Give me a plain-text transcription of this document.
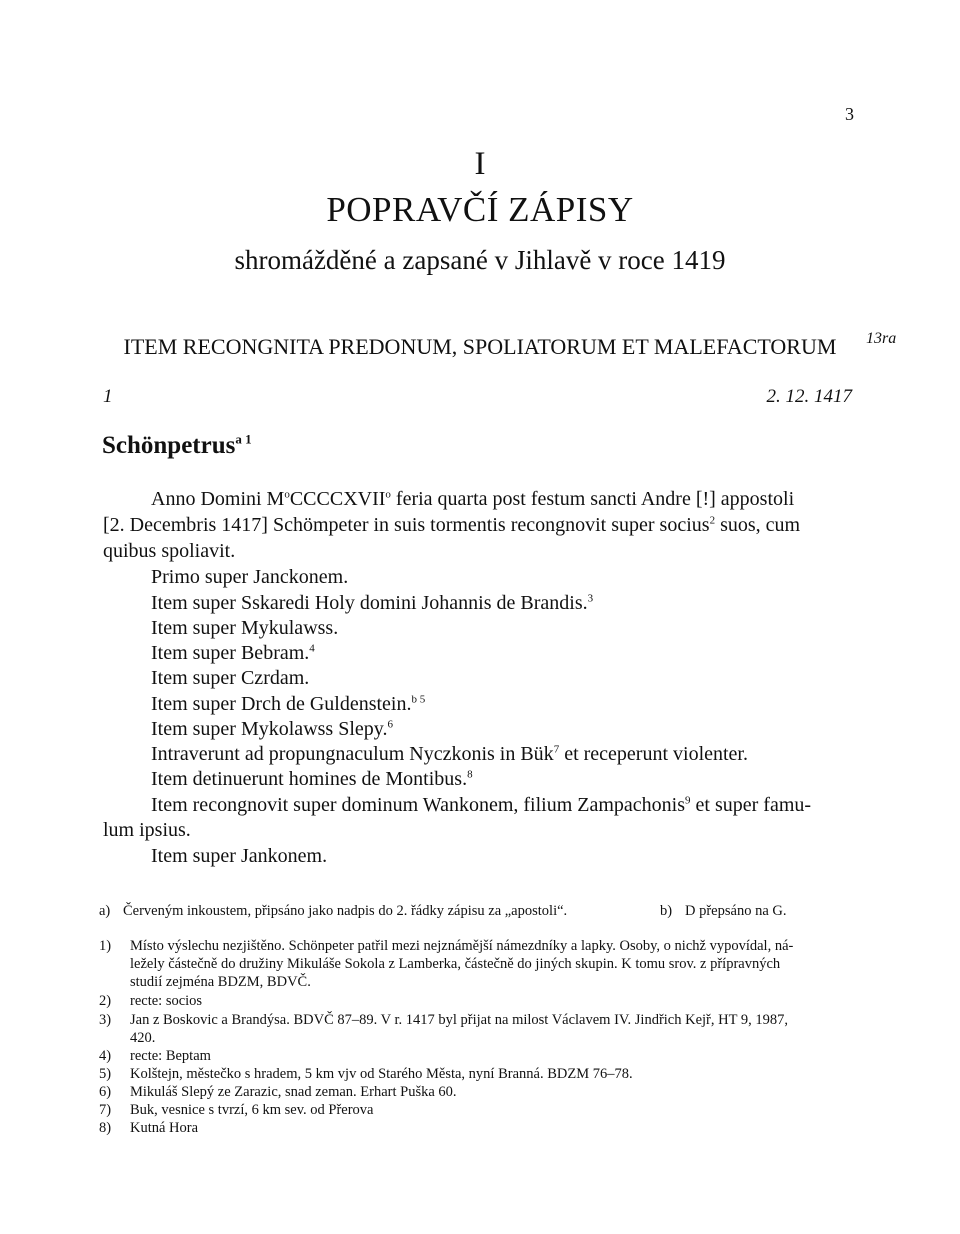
3
I
POPRAVČÍ ZÁPISY
shromážděné a zapsané v Jihlavě v roce 1419
ITEM RECONGNITA PREDONUM, SPOLIATORUM ET MALEFACTORUM	13ra
1	2. 12. 1417
Schönpetrus$^{a 1}$
Anno Domini $M^oCCCCXVII^o$ feria quarta post festum sancti Andre [!] appostoli
[2. Decembris 1417] Schömpeter in suis tormentis recongnovit super socius$^2$ suos, cum
quibus spoliavit.
Primo super Janckonem.
Item super Sskaredi Holy domini Johannis de Brandis.$^3$
Item super Mykulawss.
Item super Bebram.$^4$
Item super Czrdam.
Item super Drch de Guldenstein.$^{b 5}$
Item super Mykolawss Slepy.$^6$
Intraverunt ad propungnaculum Nyczkonis in Bük$^7$ et receperunt violenter.
Item detinuerunt homines de Montibus.$^8$
Item recongnovit super dominum Wankonem, filium Zampachonis$^9$ et super famu-
lum ipsius.
Item super Jankonem.
a) Červeným inkoustem, připsáno jako nadpis do 2. řádky zápisu za „apostoli“.	b) D přepsáno na G.
1) Místo výslechu nezjištěno. Schönpeter patřil mezi nejznámější námezdníky a lapky. Osoby, o nichž vypovídal, ná-
ležely částečně do družiny Mikuláše Sokola z Lamberka, částečně do jiných skupin. K tomu srov. z přípravných
studií zejména BDZM, BDVČ.
2) recte: socios
3) Jan z Boskovic a Brandýsa. BDVČ 87–89. V r. 1417 byl přijat na milost Václavem IV. Jindřich Kejř, HT 9, 1987,
420.
4) recte: Beptam
5) Kolštejn, městečko s hradem, 5 km vjv od Starého Města, nyní Branná. BDZM 76–78.
6) Mikuláš Slepý ze Zarazic, snad zeman. Erhart Puška 60.
7) Buk, vesnice s tvrzí, 6 km sev. od Přerova
8) Kutná Hora
